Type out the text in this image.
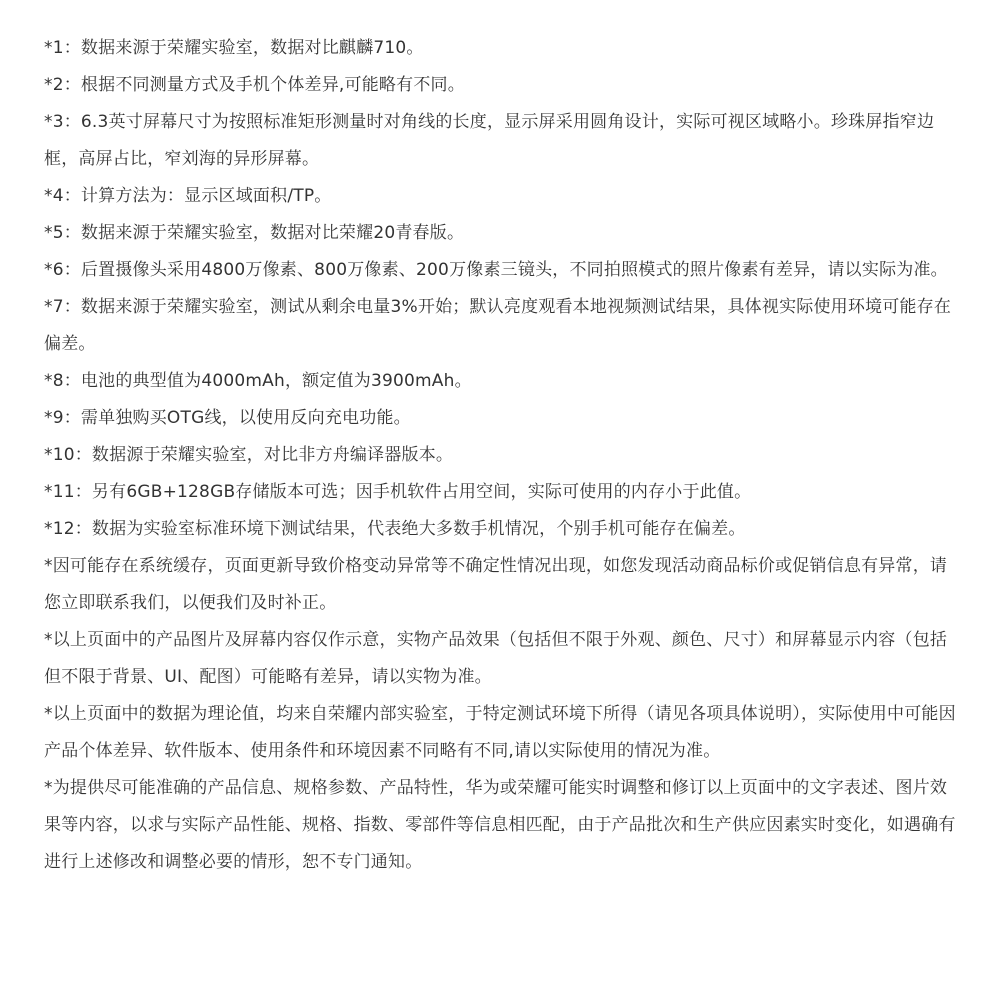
*1：数据来源于荣耀实验室，数据对比麒麟710。
*2：根据不同测量方式及手机个体差异,可能略有不同。
*3：6.3英寸屏幕尺寸为按照标准矩形测量时对角线的长度，显示屏采用圆角设计，实际可视区域略小。珍珠屏指窄边框，高屏占比，窄刘海的异形屏幕。
*4：计算方法为：显示区域面积/TP。
*5：数据来源于荣耀实验室，数据对比荣耀20青春版。
*6：后置摄像头采用4800万像素、800万像素、200万像素三镜头，不同拍照模式的照片像素有差异，请以实际为准。
*7：数据来源于荣耀实验室，测试从剩余电量3%开始；默认亮度观看本地视频测试结果，具体视实际使用环境可能存在偏差。
*8：电池的典型值为4000mAh，额定值为3900mAh。
*9：需单独购买OTG线，以使用反向充电功能。
*10：数据源于荣耀实验室，对比非方舟编译器版本。
*11：另有6GB+128GB存储版本可选；因手机软件占用空间，实际可使用的内存小于此值。
*12：数据为实验室标准环境下测试结果，代表绝大多数手机情况，个别手机可能存在偏差。
*因可能存在系统缓存，页面更新导致价格变动异常等不确定性情况出现，如您发现活动商品标价或促销信息有异常，请您立即联系我们，以便我们及时补正。
*以上页面中的产品图片及屏幕内容仅作示意，实物产品效果（包括但不限于外观、颜色、尺寸）和屏幕显示内容（包括但不限于背景、UI、配图）可能略有差异，请以实物为准。
*以上页面中的数据为理论值，均来自荣耀内部实验室，于特定测试环境下所得（请见各项具体说明），实际使用中可能因产品个体差异、软件版本、使用条件和环境因素不同略有不同,请以实际使用的情况为准。
*为提供尽可能准确的产品信息、规格参数、产品特性，华为或荣耀可能实时调整和修订以上页面中的文字表述、图片效果等内容，以求与实际产品性能、规格、指数、零部件等信息相匹配，由于产品批次和生产供应因素实时变化，如遇确有进行上述修改和调整必要的情形，恕不专门通知。
